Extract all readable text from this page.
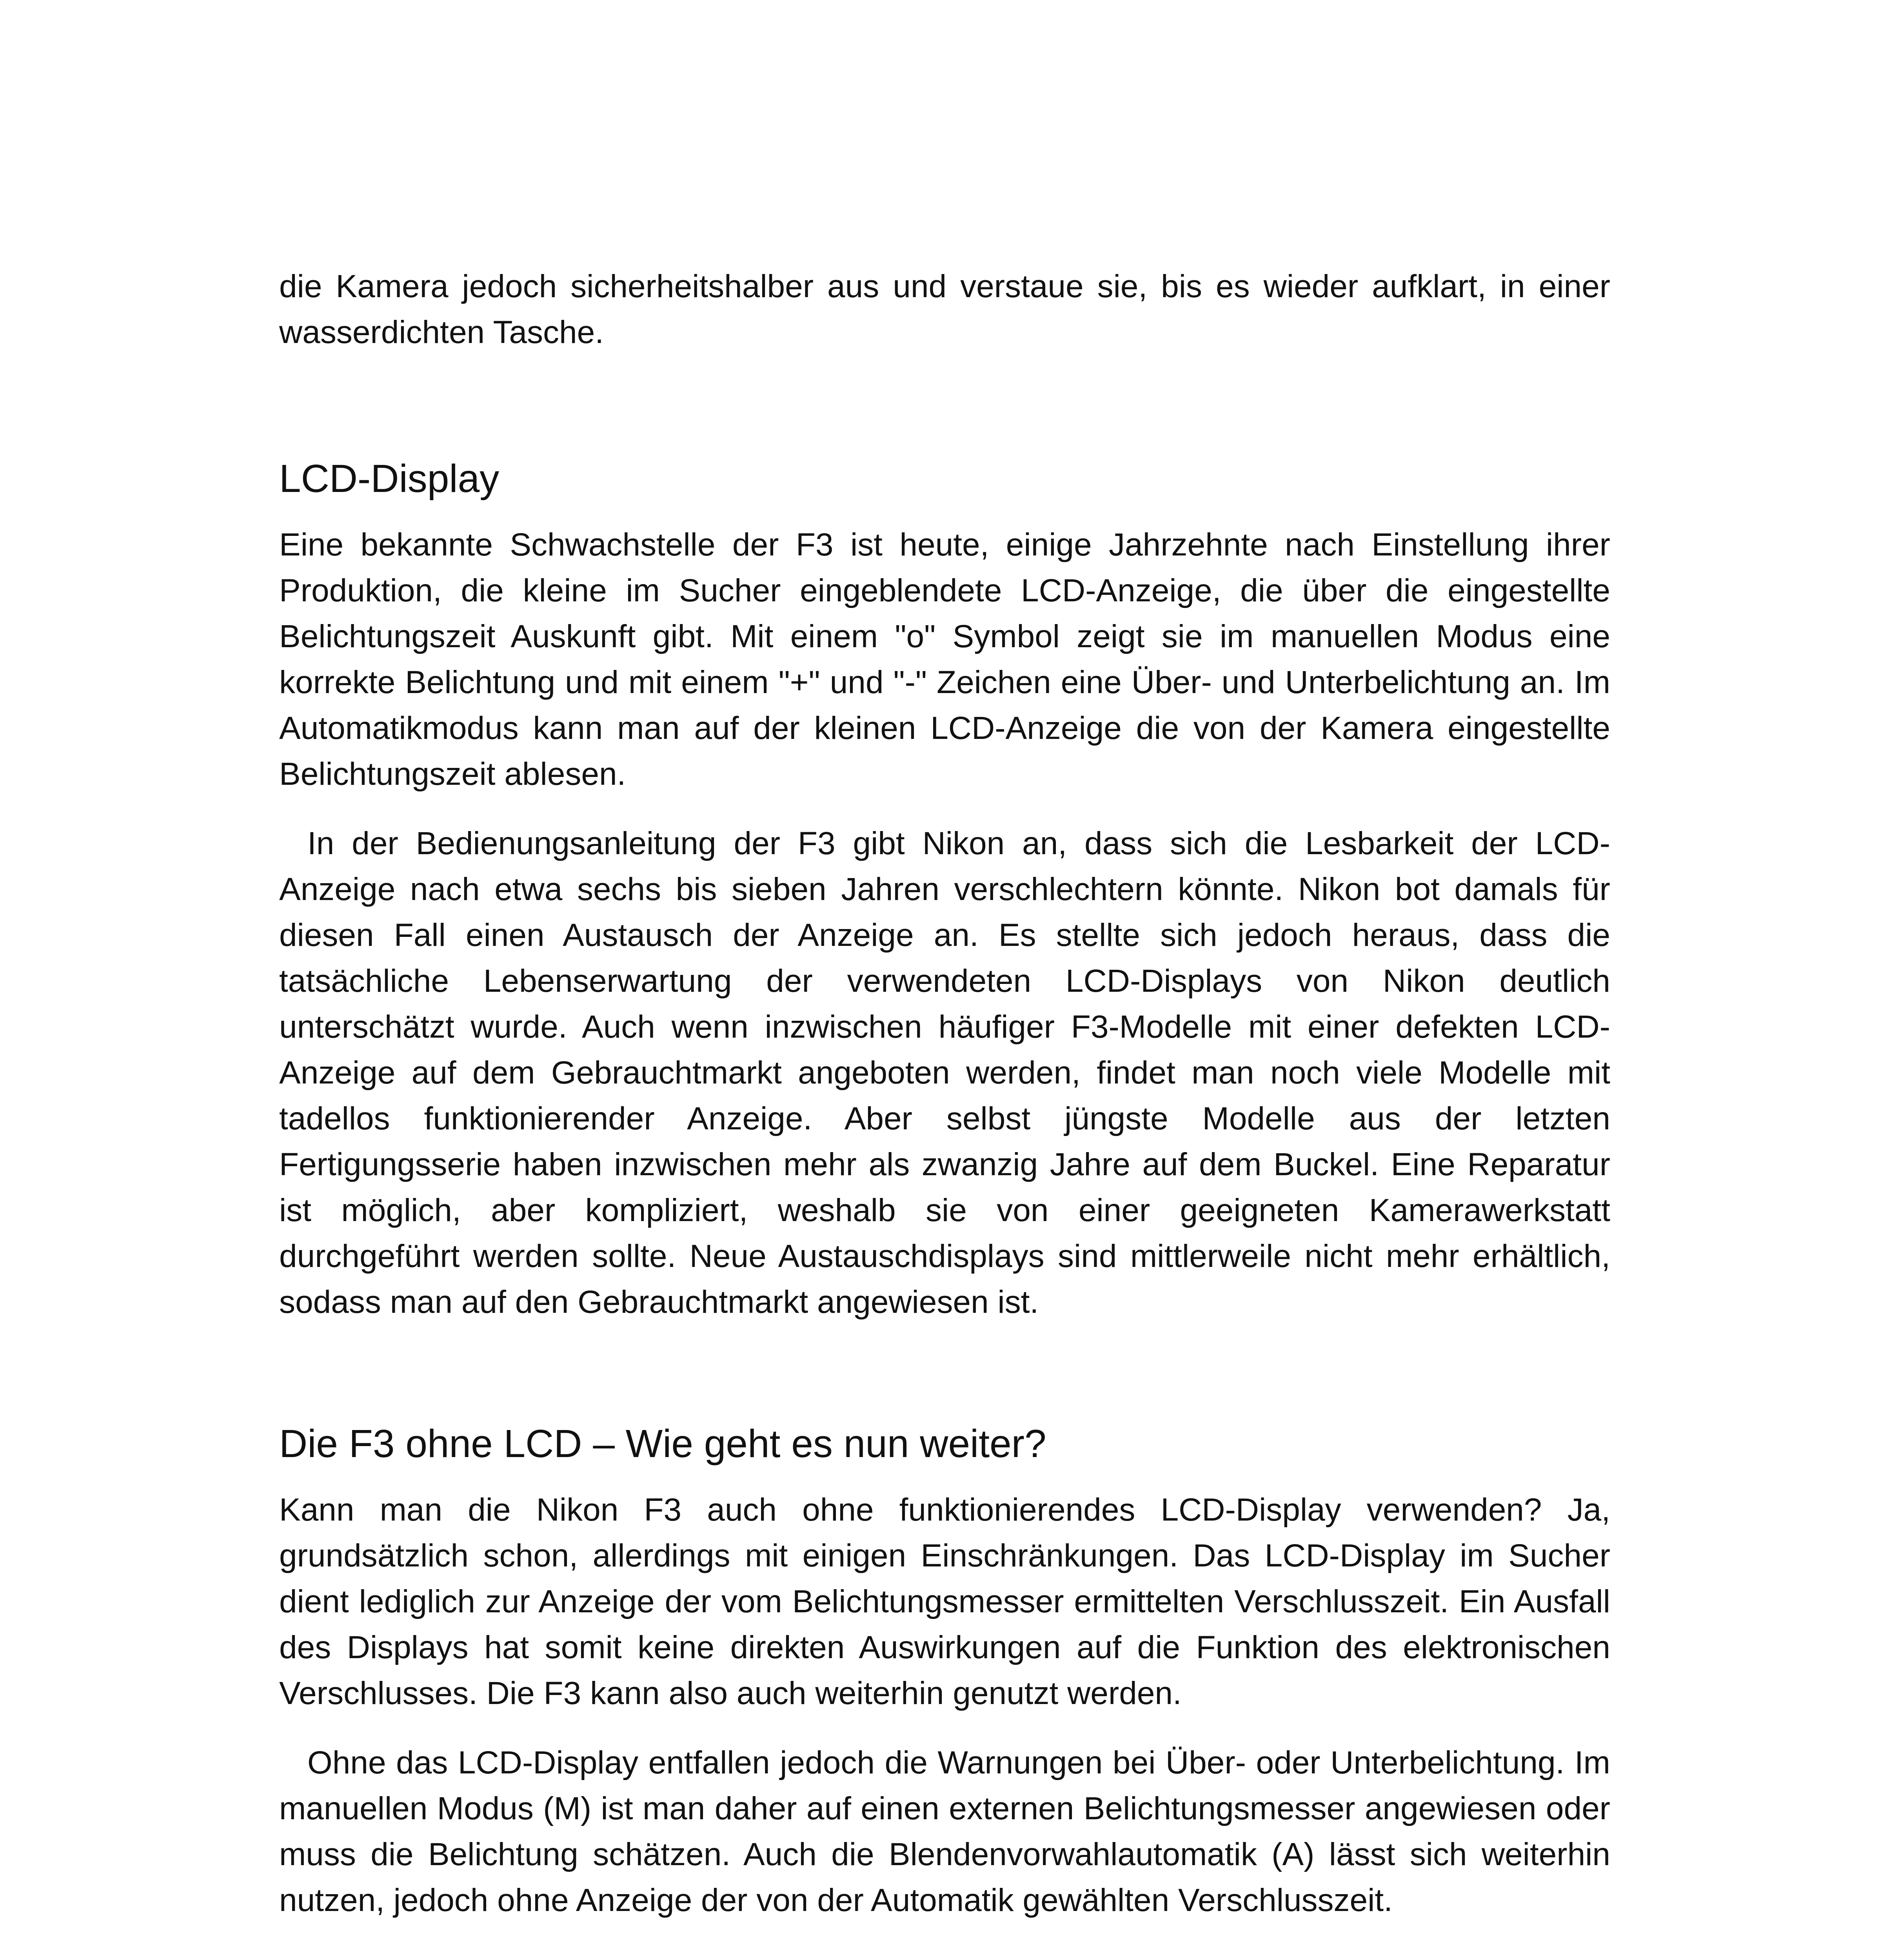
die Kamera jedoch sicherheitshalber aus und verstaue sie, bis es wieder aufklart, in einer wasserdichten Tasche.

LCD-Display

Eine bekannte Schwachstelle der F3 ist heute, einige Jahrzehnte nach Einstellung ihrer Produktion, die kleine im Sucher eingeblendete LCD-Anzeige, die über die eingestellte Belichtungszeit Auskunft gibt. Mit einem "o" Symbol zeigt sie im manuellen Modus eine korrekte Belichtung und mit einem "+" und "-" Zeichen eine Über- und Unterbelichtung an. Im Automatikmodus kann man auf der kleinen LCD-Anzeige die von der Kamera eingestellte Belichtungszeit ablesen.

In der Bedienungsanleitung der F3 gibt Nikon an, dass sich die Lesbarkeit der LCD-Anzeige nach etwa sechs bis sieben Jahren verschlechtern könnte. Nikon bot damals für diesen Fall einen Austausch der Anzeige an. Es stellte sich jedoch heraus, dass die tatsächliche Lebenserwartung der verwendeten LCD-Displays von Nikon deutlich unterschätzt wurde. Auch wenn inzwischen häufiger F3-Modelle mit einer defekten LCD-Anzeige auf dem Gebrauchtmarkt angeboten werden, findet man noch viele Modelle mit tadellos funktionierender Anzeige. Aber selbst jüngste Modelle aus der letzten Fertigungsserie haben inzwischen mehr als zwanzig Jahre auf dem Buckel. Eine Reparatur ist möglich, aber kompliziert, weshalb sie von einer geeigneten Kamerawerkstatt durchgeführt werden sollte. Neue Austauschdisplays sind mittlerweile nicht mehr erhältlich, sodass man auf den Gebrauchtmarkt angewiesen ist.

Die F3 ohne LCD – Wie geht es nun weiter?

Kann man die Nikon F3 auch ohne funktionierendes LCD-Display verwenden? Ja, grundsätzlich schon, allerdings mit einigen Einschränkungen. Das LCD-Display im Sucher dient lediglich zur Anzeige der vom Belichtungsmesser ermittelten Verschlusszeit. Ein Ausfall des Displays hat somit keine direkten Auswirkungen auf die Funktion des elektronischen Verschlusses. Die F3 kann also auch weiterhin genutzt werden.

Ohne das LCD-Display entfallen jedoch die Warnungen bei Über- oder Unterbelichtung. Im manuellen Modus (M) ist man daher auf einen externen Belichtungsmesser angewiesen oder muss die Belichtung schätzen. Auch die Blendenvorwahlautomatik (A) lässt sich weiterhin nutzen, jedoch ohne Anzeige der von der Automatik gewählten Verschlusszeit.
